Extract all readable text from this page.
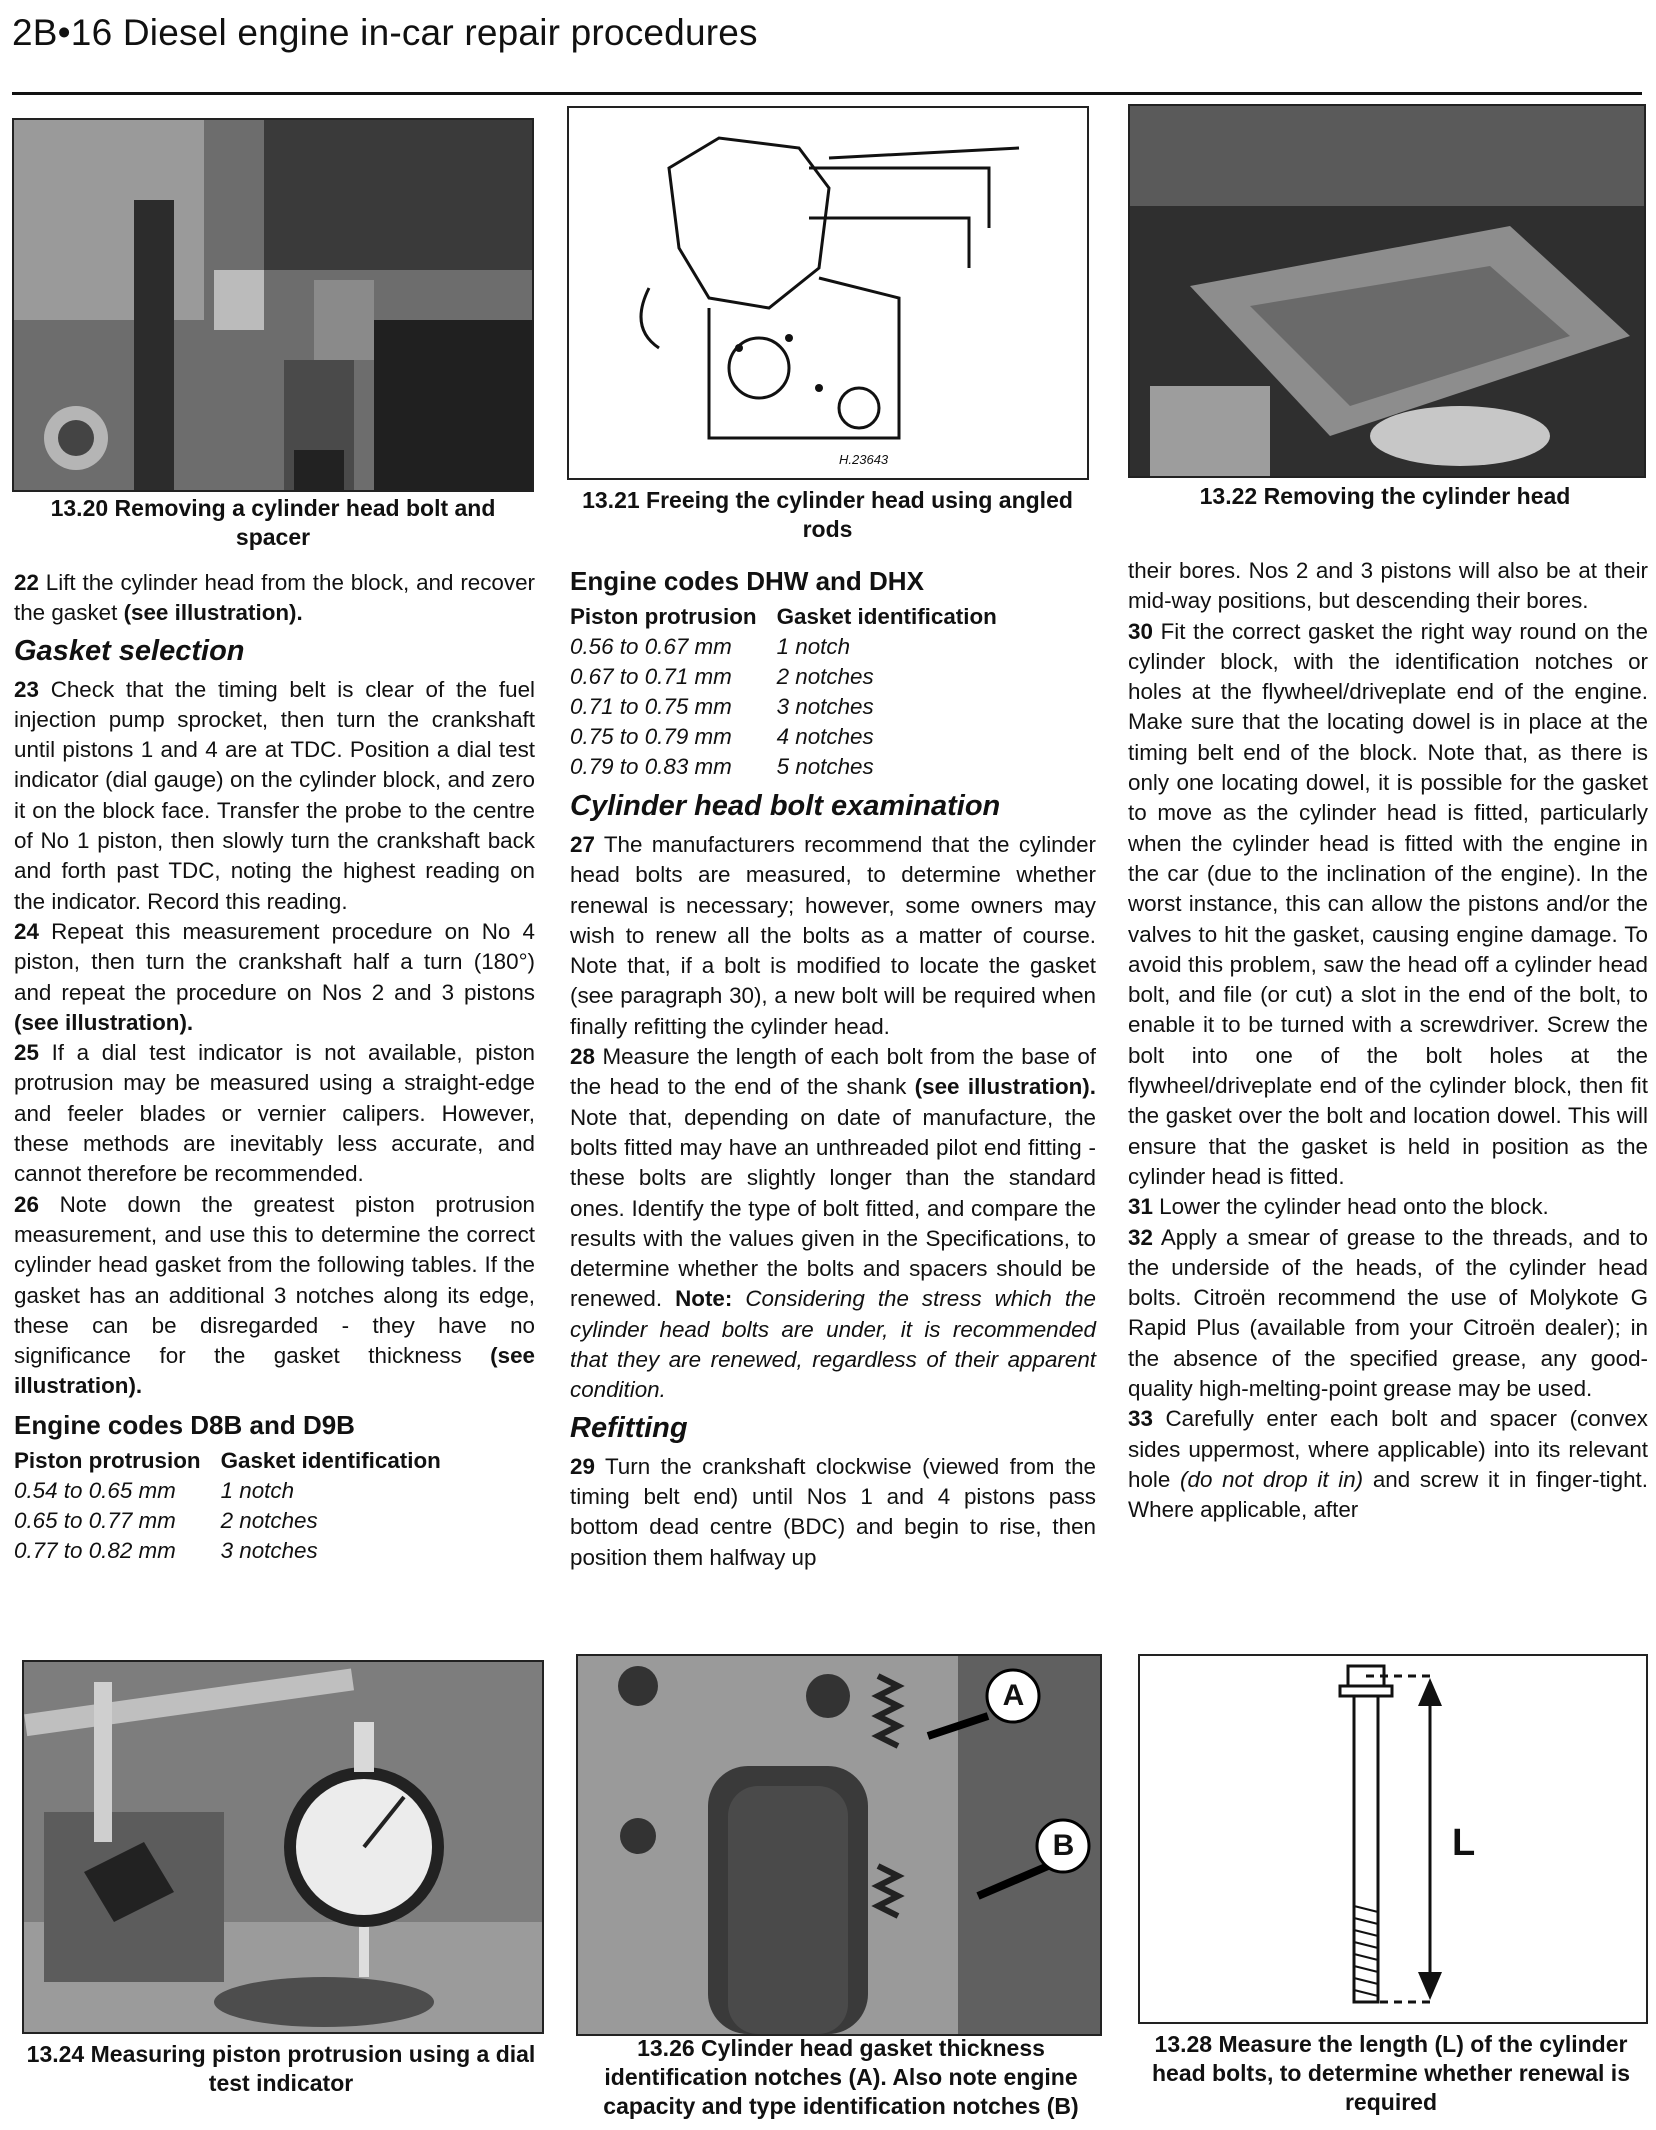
2B•16 Diesel engine in-car repair procedures
13.20 Removing a cylinder head bolt and spacer
H.23643
13.21 Freeing the cylinder head using angled rods
13.22 Removing the cylinder head

22 Lift the cylinder head from the block, and recover the gasket (see illustration).

Gasket selection

23 Check that the timing belt is clear of the fuel injection pump sprocket, then turn the crankshaft until pistons 1 and 4 are at TDC. Position a dial test indicator (dial gauge) on the cylinder block, and zero it on the block face. Transfer the probe to the centre of No 1 piston, then slowly turn the crankshaft back and forth past TDC, noting the highest reading on the indicator. Record this reading.

24 Repeat this measurement procedure on No 4 piston, then turn the crankshaft half a turn (180°) and repeat the procedure on Nos 2 and 3 pistons (see illustration).

25 If a dial test indicator is not available, piston protrusion may be measured using a straight-edge and feeler blades or vernier calipers. However, these methods are inevitably less accurate, and cannot therefore be recommended.

26 Note down the greatest piston protrusion measurement, and use this to determine the correct cylinder head gasket from the following tables. If the gasket has an additional 3 notches along its edge, these can be disregarded - they have no significance for the gasket thickness (see illustration).

Engine codes D8B and D9B
Piston protrusion	Gasket identification
0.54 to 0.65 mm	1 notch
0.65 to 0.77 mm	2 notches
0.77 to 0.82 mm	3 notches
Engine codes DHW and DHX
Piston protrusion	Gasket identification
0.56 to 0.67 mm	1 notch
0.67 to 0.71 mm	2 notches
0.71 to 0.75 mm	3 notches
0.75 to 0.79 mm	4 notches
0.79 to 0.83 mm	5 notches
Cylinder head bolt examination

27 The manufacturers recommend that the cylinder head bolts are measured, to determine whether renewal is necessary; however, some owners may wish to renew all the bolts as a matter of course. Note that, if a bolt is modified to locate the gasket (see paragraph 30), a new bolt will be required when finally refitting the cylinder head.

28 Measure the length of each bolt from the base of the head to the end of the shank (see illustration). Note that, depending on date of manufacture, the bolts fitted may have an unthreaded pilot end fitting - these bolts are slightly longer than the standard ones. Identify the type of bolt fitted, and compare the results with the values given in the Specifications, to determine whether the bolts and spacers should be renewed. Note: Considering the stress which the cylinder head bolts are under, it is recommended that they are renewed, regardless of their apparent condition.

Refitting

29 Turn the crankshaft clockwise (viewed from the timing belt end) until Nos 1 and 4 pistons pass bottom dead centre (BDC) and begin to rise, then position them halfway up

their bores. Nos 2 and 3 pistons will also be at their mid-way positions, but descending their bores.

30 Fit the correct gasket the right way round on the cylinder block, with the identification notches or holes at the flywheel/driveplate end of the engine. Make sure that the locating dowel is in place at the timing belt end of the block. Note that, as there is only one locating dowel, it is possible for the gasket to move as the cylinder head is fitted, particularly when the cylinder head is fitted with the engine in the car (due to the inclination of the engine). In the worst instance, this can allow the pistons and/or the valves to hit the gasket, causing engine damage. To avoid this problem, saw the head off a cylinder head bolt, and file (or cut) a slot in the end of the bolt, to enable it to be turned with a screwdriver. Screw the bolt into one of the bolt holes at the flywheel/driveplate end of the cylinder block, then fit the gasket over the bolt and location dowel. This will ensure that the gasket is held in position as the cylinder head is fitted.

31 Lower the cylinder head onto the block.

32 Apply a smear of grease to the threads, and to the underside of the heads, of the cylinder head bolts. Citroën recommend the use of Molykote G Rapid Plus (available from your Citroën dealer); in the absence of the specified grease, any good-quality high-melting-point grease may be used.

33 Carefully enter each bolt and spacer (convex sides uppermost, where applicable) into its relevant hole (do not drop it in) and screw it in finger-tight. Where applicable, after

13.24 Measuring piston protrusion using a dial test indicator
A
B
13.26 Cylinder head gasket thickness identification notches (A). Also note engine capacity and type identification notches (B)
L
13.28 Measure the length (L) of the cylinder head bolts, to determine whether renewal is required
